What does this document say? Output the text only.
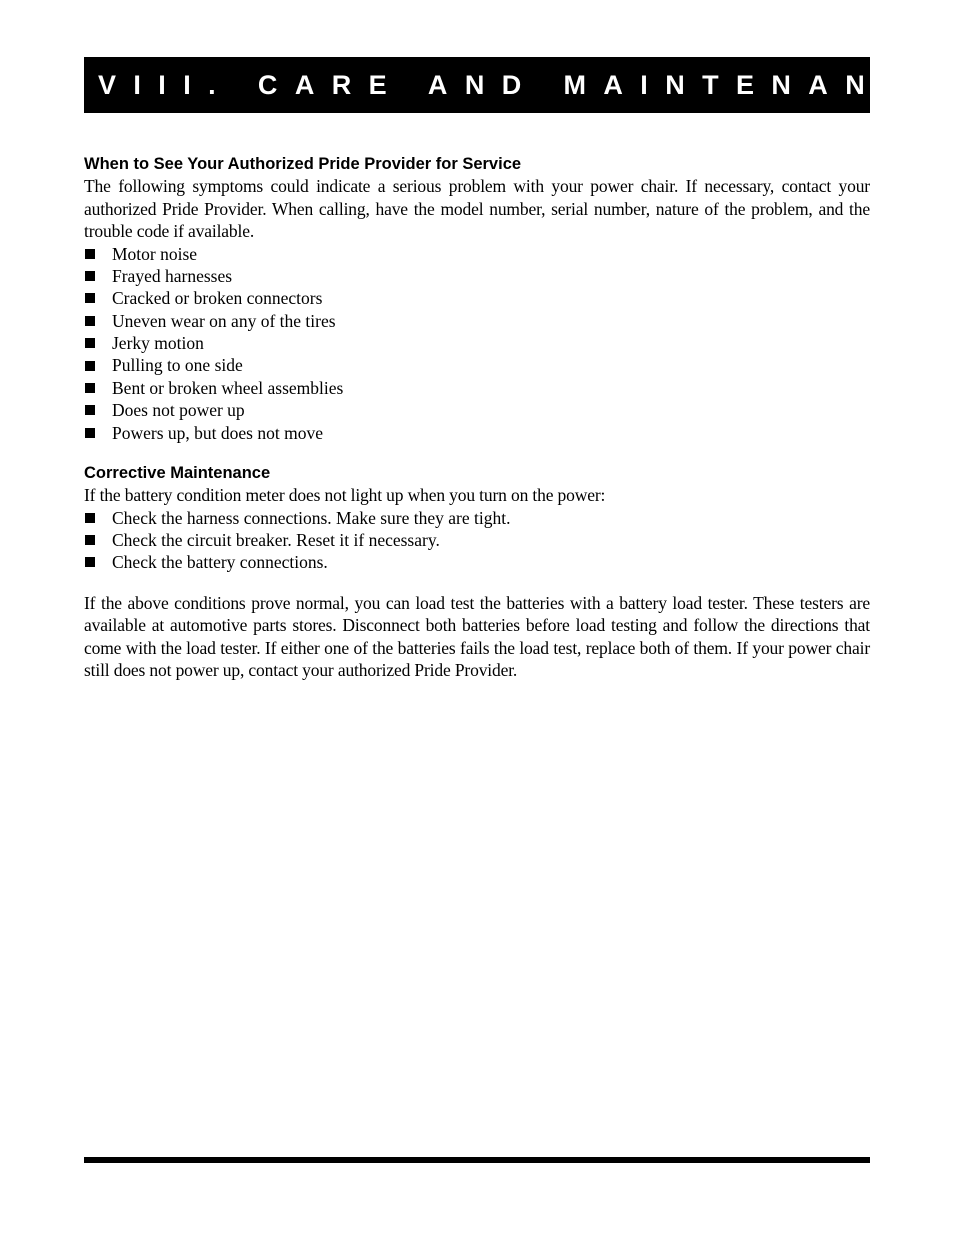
VIII. CARE AND MAINTENANCE
When to See Your Authorized Pride Provider for Service

The following symptoms could indicate a serious problem with your power chair. If necessary, contact your authorized Pride Provider. When calling, have the model number, serial number, nature of the problem, and the trouble code if available.

Motor noise
Frayed harnesses
Cracked or broken connectors
Uneven wear on any of the tires
Jerky motion
Pulling to one side
Bent or broken wheel assemblies
Does not power up
Powers up, but does not move
Corrective Maintenance

If the battery condition meter does not light up when you turn on the power:

Check the harness connections. Make sure they are tight.
Check the circuit breaker. Reset it if necessary.
Check the battery connections.

If the above conditions prove normal, you can load test the batteries with a battery load tester. These testers are available at automotive parts stores. Disconnect both batteries before load testing and follow the directions that come with the load tester. If either one of the batteries fails the load test, replace both of them. If your power chair still does not power up, contact your authorized Pride Provider.
